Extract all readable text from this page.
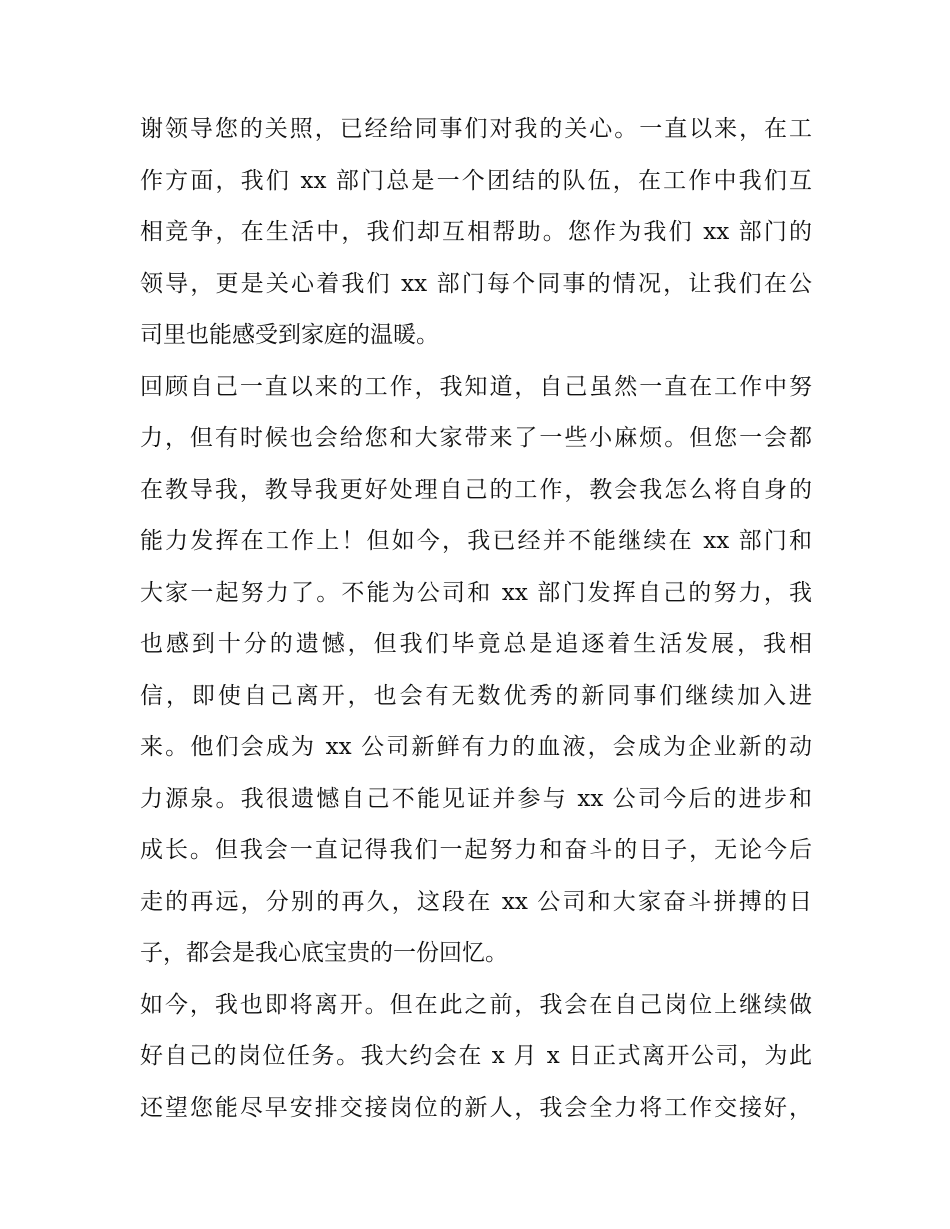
谢领导您的关照，已经给同事们对我的关心。一直以来，在工
作方面，我们 xx 部门总是一个团结的队伍，在工作中我们互
相竞争，在生活中，我们却互相帮助。您作为我们 xx 部门的
领导，更是关心着我们 xx 部门每个同事的情况，让我们在公
司里也能感受到家庭的温暖。
回顾自己一直以来的工作，我知道，自己虽然一直在工作中努
力，但有时候也会给您和大家带来了一些小麻烦。但您一会都
在教导我，教导我更好处理自己的工作，教会我怎么将自身的
能力发挥在工作上！但如今，我已经并不能继续在 xx 部门和
大家一起努力了。不能为公司和 xx 部门发挥自己的努力，我
也感到十分的遗憾，但我们毕竟总是追逐着生活发展，我相
信，即使自己离开，也会有无数优秀的新同事们继续加入进
来。他们会成为 xx 公司新鲜有力的血液，会成为企业新的动
力源泉。我很遗憾自己不能见证并参与 xx 公司今后的进步和
成长。但我会一直记得我们一起努力和奋斗的日子，无论今后
走的再远，分别的再久，这段在 xx 公司和大家奋斗拼搏的日
子，都会是我心底宝贵的一份回忆。
如今，我也即将离开。但在此之前，我会在自己岗位上继续做
好自己的岗位任务。我大约会在 x 月 x 日正式离开公司，为此
还望您能尽早安排交接岗位的新人，我会全力将工作交接好，
